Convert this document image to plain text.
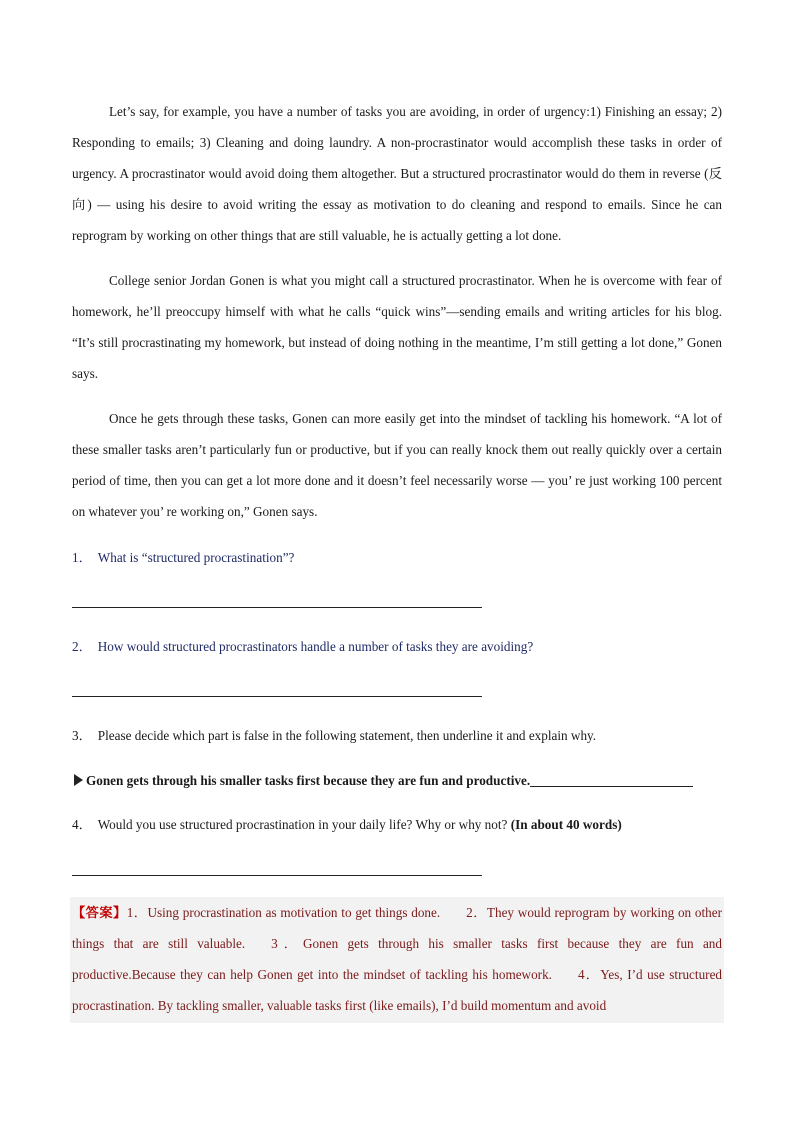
Let’s say, for example, you have a number of tasks you are avoiding, in order of urgency:1) Finishing an essay; 2) Responding to emails; 3) Cleaning and doing laundry. A non-procrastinator would accomplish these tasks in order of urgency. A procrastinator would avoid doing them altogether. But a structured procrastinator would do them in reverse (反向) — using his desire to avoid writing the essay as motivation to do cleaning and respond to emails. Since he can reprogram by working on other things that are still valuable, he is actually getting a lot done.

College senior Jordan Gonen is what you might call a structured procrastinator. When he is overcome with fear of homework, he’ll preoccupy himself with what he calls “quick wins”—sending emails and writing articles for his blog. “It’s still procrastinating my homework, but instead of doing nothing in the meantime, I’m still getting a lot done,” Gonen says.

Once he gets through these tasks, Gonen can more easily get into the mindset of tackling his homework. “A lot of these smaller tasks aren’t particularly fun or productive, but if you can really knock them out really quickly over a certain period of time, then you can get a lot more done and it doesn’t feel necessarily worse — you’ re just working 100 percent on whatever you’ re working on,” Gonen says.

1． What is “structured procrastination”?

2． How would structured procrastinators handle a number of tasks they are avoiding?

3． Please decide which part is false in the following statement, then underline it and explain why.

Gonen gets through his smaller tasks first because they are fun and productive.

4． Would you use structured procrastination in your daily life? Why or why not? (In about 40 words)

【答案】1．Using procrastination as motivation to get things done. 2．They would reprogram by working on other things that are still valuable. 3．Gonen gets through his smaller tasks first because they are fun and productive.Because they can help Gonen get into the mindset of tackling his homework. 4．Yes, I’d use structured procrastination. By tackling smaller, valuable tasks first (like emails), I’d build momentum and avoid
